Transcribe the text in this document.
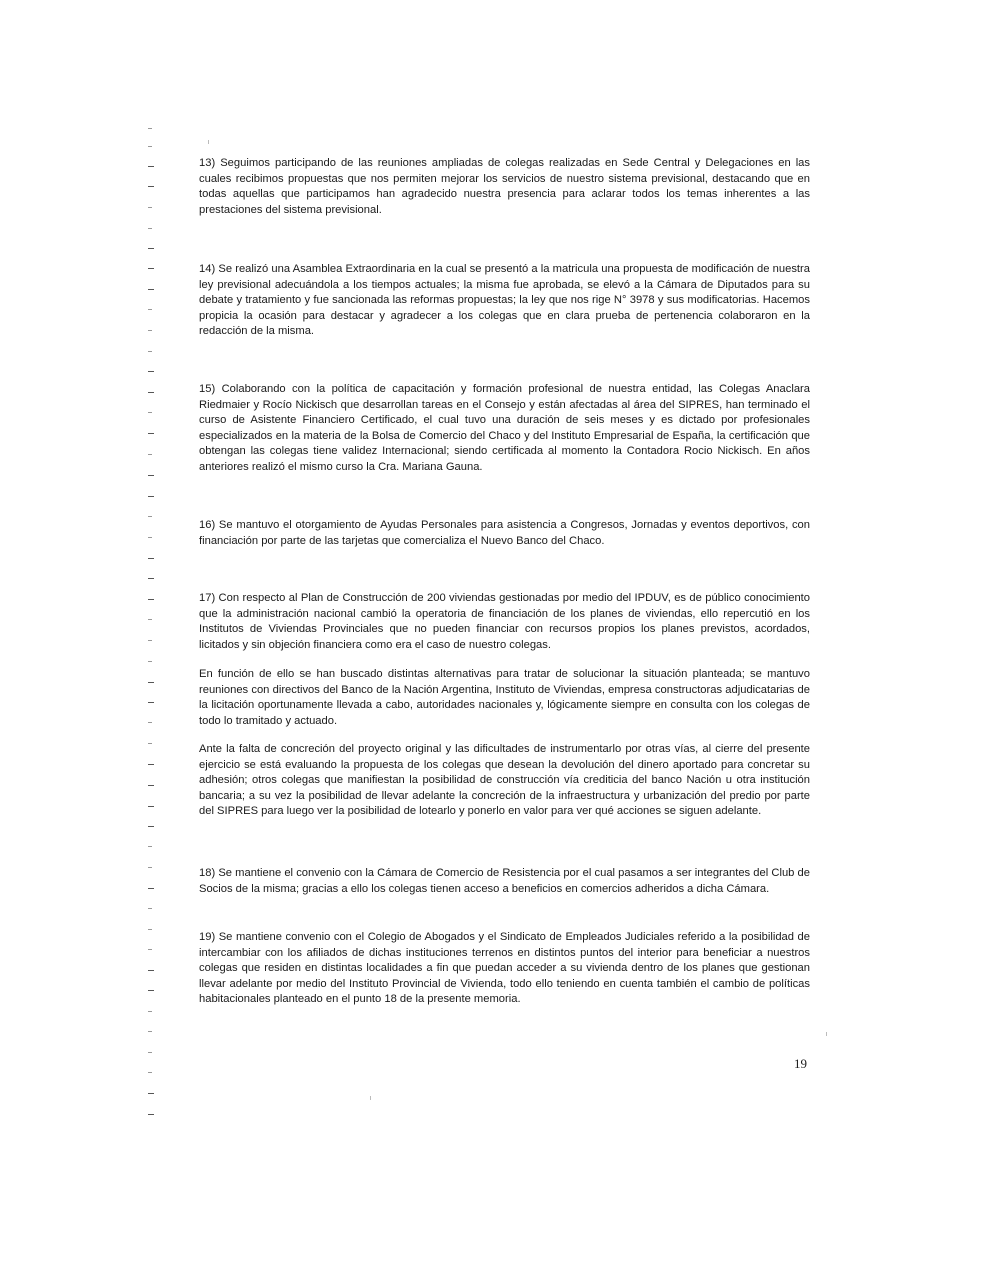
13) Seguimos participando de las reuniones ampliadas de colegas realizadas en Sede Central y Delegaciones en las cuales recibimos propuestas que nos permiten mejorar los servicios de nuestro sistema previsional, destacando que en todas aquellas que participamos han agradecido nuestra presencia para aclarar todos los temas inherentes a las prestaciones del sistema previsional.

14) Se realizó una Asamblea Extraordinaria en la cual se presentó a la matricula una propuesta de modificación de nuestra ley previsional adecuándola a los tiempos actuales; la misma fue aprobada, se elevó a la Cámara de Diputados para su debate y tratamiento y fue sancionada las reformas propuestas; la ley que nos rige N° 3978 y sus modificatorias. Hacemos propicia la ocasión para destacar y agradecer a los colegas que en clara prueba de pertenencia colaboraron en la redacción de la misma.

15) Colaborando con la política de capacitación y formación profesional de nuestra entidad, las Colegas Anaclara Riedmaier y Rocío Nickisch que desarrollan tareas en el Consejo y están afectadas al área del SIPRES, han terminado el curso de Asistente Financiero Certificado, el cual tuvo una duración de seis meses y es dictado por profesionales especializados en la materia de la Bolsa de Comercio del Chaco y del Instituto Empresarial de España, la certificación que obtengan las colegas tiene validez Internacional; siendo certificada al momento la Contadora Rocio Nickisch. En años anteriores realizó el mismo curso la Cra. Mariana Gauna.

16) Se mantuvo el otorgamiento de Ayudas Personales para asistencia a Congresos, Jornadas y eventos deportivos, con financiación por parte de las tarjetas que comercializa el Nuevo Banco del Chaco.

17) Con respecto al Plan de Construcción de 200 viviendas gestionadas por medio del IPDUV, es de público conocimiento que la administración nacional cambió la operatoria de financiación de los planes de viviendas, ello repercutió en los Institutos de Viviendas Provinciales que no pueden financiar con recursos propios los planes previstos, acordados, licitados y sin objeción financiera como era el caso de nuestro colegas.

En función de ello se han buscado distintas alternativas para tratar de solucionar la situación planteada; se mantuvo reuniones con directivos del Banco de la Nación Argentina, Instituto de Viviendas, empresa constructoras adjudicatarias de la licitación oportunamente llevada a cabo, autoridades nacionales y, lógicamente siempre en consulta con los colegas de todo lo tramitado y actuado.

Ante la falta de concreción del proyecto original y las dificultades de instrumentarlo por otras vías, al cierre del presente ejercicio se está evaluando la propuesta de los colegas que desean la devolución del dinero aportado para concretar su adhesión; otros colegas que manifiestan la posibilidad de construcción vía crediticia del banco Nación u otra institución bancaria; a su vez la posibilidad de llevar adelante la concreción de la infraestructura y urbanización del predio por parte del SIPRES para luego ver la posibilidad de lotearlo y ponerlo en valor para ver qué acciones se siguen adelante.

18) Se mantiene el convenio con la Cámara de Comercio de Resistencia por el cual pasamos a ser integrantes del Club de Socios de la misma; gracias a ello los colegas tienen acceso a beneficios en comercios adheridos a dicha Cámara.

19) Se mantiene convenio con el Colegio de Abogados y el Sindicato de Empleados Judiciales referido a la posibilidad de intercambiar con los afiliados de dichas instituciones terrenos en distintos puntos del interior para beneficiar a nuestros colegas que residen en distintas localidades a fin que puedan acceder a su vivienda dentro de los planes que gestionan llevar adelante por medio del Instituto Provincial de Vivienda, todo ello teniendo en cuenta también el cambio de políticas habitacionales planteado en el punto 18 de la presente memoria.

19
